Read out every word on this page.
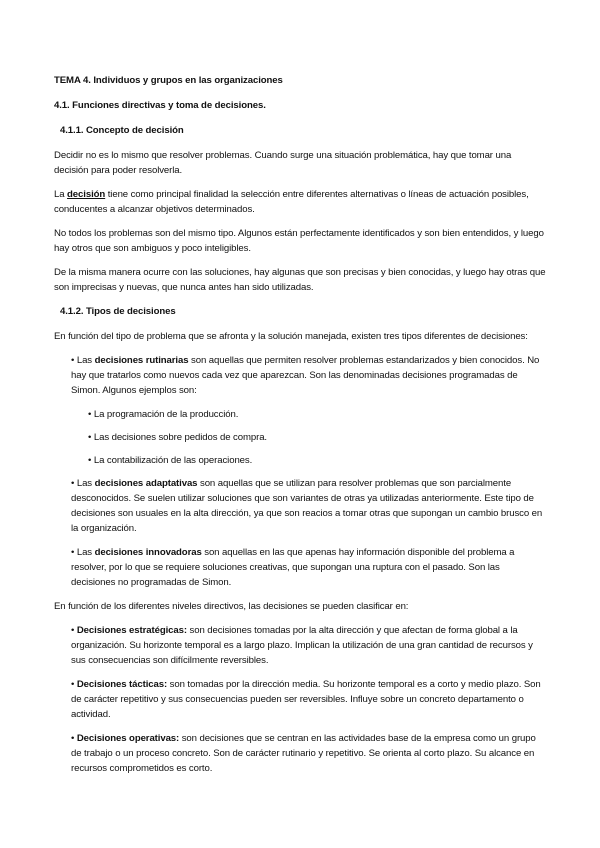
TEMA 4. Individuos y grupos en las organizaciones

4.1. Funciones directivas y toma de decisiones.

4.1.1. Concepto de decisión

Decidir no es lo mismo que resolver problemas. Cuando surge una situación problemática, hay que tomar una decisión para poder resolverla.

La decisión tiene como principal finalidad la selección entre diferentes alternativas o líneas de actuación posibles, conducentes a alcanzar objetivos determinados.

No todos los problemas son del mismo tipo. Algunos están perfectamente identificados y son bien entendidos, y luego hay otros que son ambiguos y poco inteligibles.

De la misma manera ocurre con las soluciones, hay algunas que son precisas y bien conocidas, y luego hay otras que son imprecisas y nuevas, que nunca antes han sido utilizadas.

4.1.2. Tipos de decisiones

En función del tipo de problema que se afronta y la solución manejada, existen tres tipos diferentes de decisiones:

• Las decisiones rutinarias son aquellas que permiten resolver problemas estandarizados y bien conocidos. No hay que tratarlos como nuevos cada vez que aparezcan. Son las denominadas decisiones programadas de Simon. Algunos ejemplos son:

• La programación de la producción.

• Las decisiones sobre pedidos de compra.

• La contabilización de las operaciones.

• Las decisiones adaptativas son aquellas que se utilizan para resolver problemas que son parcialmente desconocidos. Se suelen utilizar soluciones que son variantes de otras ya utilizadas anteriormente. Este tipo de decisiones son usuales en la alta dirección, ya que son reacios a tomar otras que supongan un cambio brusco en la organización.

• Las decisiones innovadoras son aquellas en las que apenas hay información disponible del problema a resolver, por lo que se requiere soluciones creativas, que supongan una ruptura con el pasado. Son las decisiones no programadas de Simon.

En función de los diferentes niveles directivos, las decisiones se pueden clasificar en:

• Decisiones estratégicas: son decisiones tomadas por la alta dirección y que afectan de forma global a la organización. Su horizonte temporal es a largo plazo. Implican la utilización de una gran cantidad de recursos y sus consecuencias son difícilmente reversibles.

• Decisiones tácticas: son tomadas por la dirección media. Su horizonte temporal es a corto y medio plazo. Son de carácter repetitivo y sus consecuencias pueden ser reversibles. Influye sobre un concreto departamento o actividad.

• Decisiones operativas: son decisiones que se centran en las actividades base de la empresa como un grupo de trabajo o un proceso concreto. Son de carácter rutinario y repetitivo. Se orienta al corto plazo. Su alcance en recursos comprometidos es corto.
